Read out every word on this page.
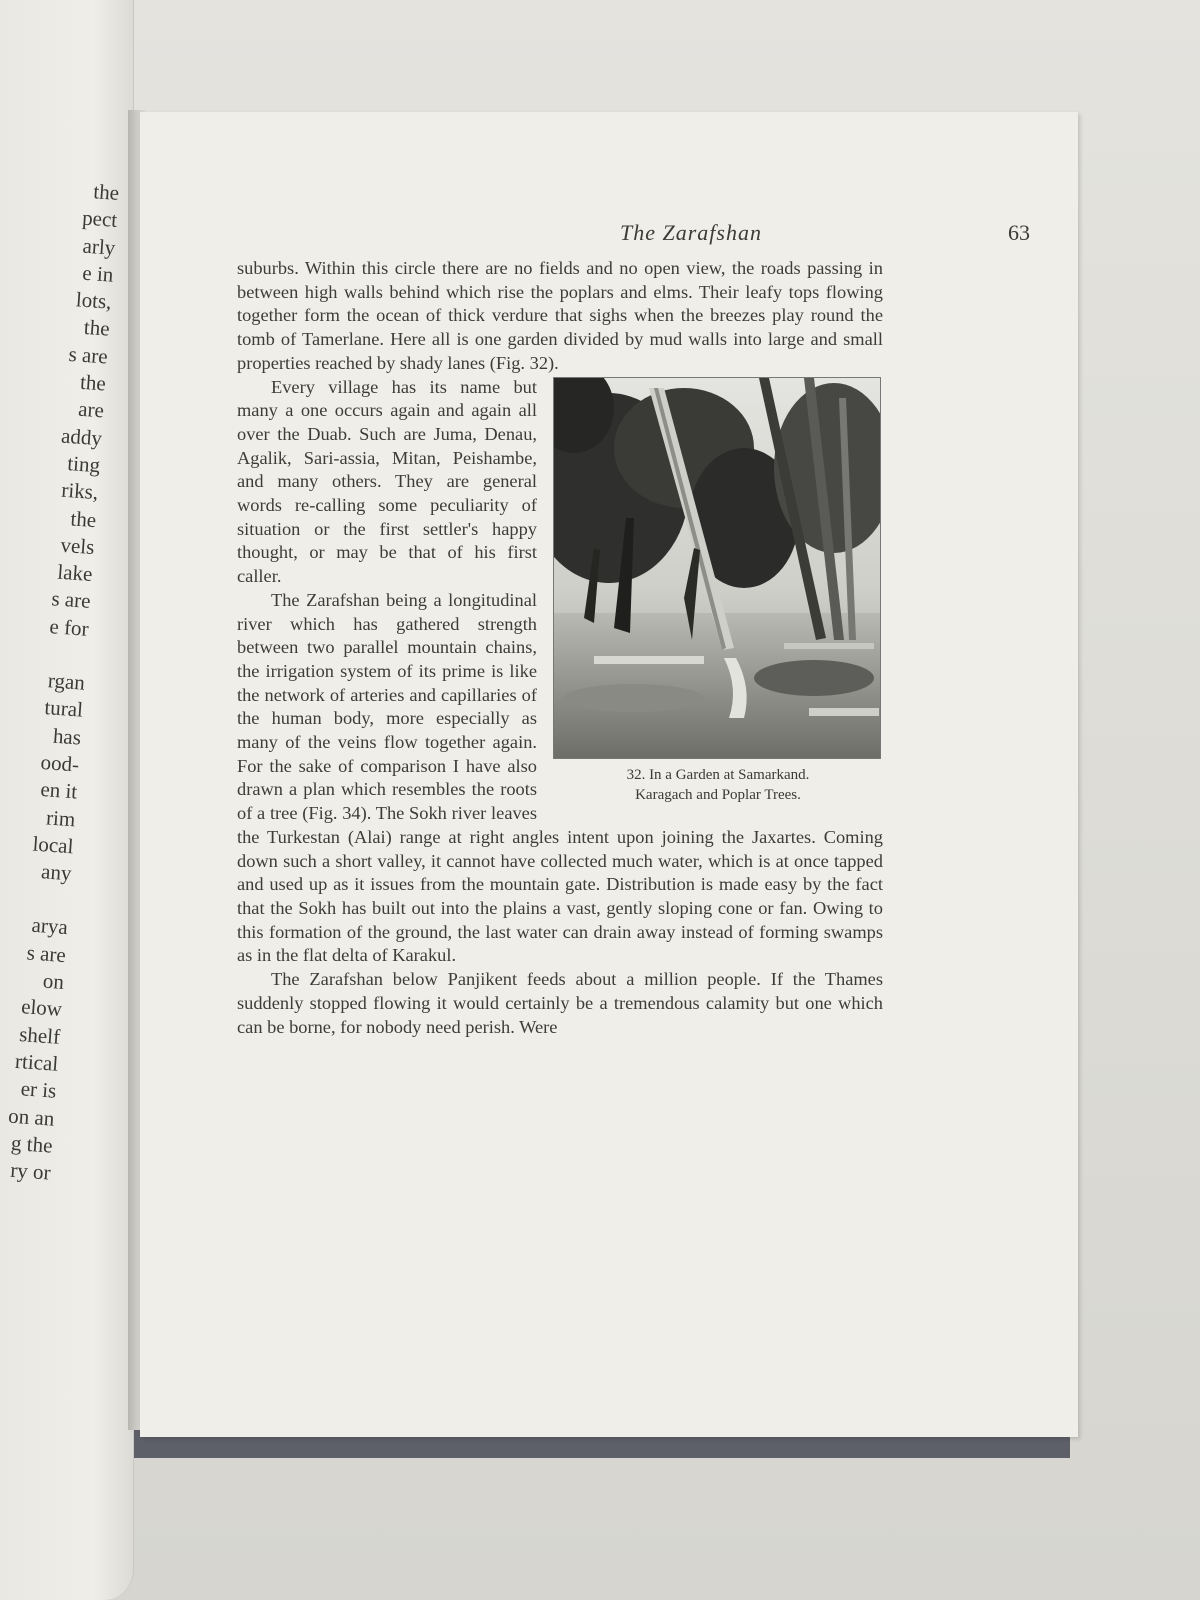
the
pect
arly
e in
lots,
the
s are
the
are
addy
ting
riks,
the
vels
lake
s are
e for
rgan
tural
has
ood-
en it
rim
local
any
arya
s are
on
elow
shelf
rtical
er is
on an
g the
ry or
The Zarafshan	63

suburbs. Within this circle there are no fields and no open view, the roads passing in between high walls behind which rise the poplars and elms. Their leafy tops flowing together form the ocean of thick verdure that sighs when the breezes play round the tomb of Tamerlane. Here all is one garden divided by mud walls into large and small properties reached by shady lanes (Fig. 32).

32. In a Garden at Samarkand.
Karagach and Poplar Trees.

Every village has its name but many a one occurs again and again all over the Duab. Such are Juma, Denau, Agalik, Sari-assia, Mitan, Peishambe, and many others. They are general words re-calling some peculiarity of situation or the first settler's happy thought, or may be that of his first caller.

The Zarafshan being a longitudinal river which has gathered strength between two parallel mountain chains, the irrigation system of its prime is like the network of arteries and capillaries of the human body, more especially as many of the veins flow together again. For the sake of comparison I have also drawn a plan which resembles the roots of a tree (Fig. 34). The Sokh river leaves the Turkestan (Alai) range at right angles intent upon joining the Jaxartes. Coming down such a short valley, it cannot have collected much water, which is at once tapped and used up as it issues from the mountain gate. Distribution is made easy by the fact that the Sokh has built out into the plains a vast, gently sloping cone or fan. Owing to this formation of the ground, the last water can drain away instead of forming swamps as in the flat delta of Karakul.

The Zarafshan below Panjikent feeds about a million people. If the Thames suddenly stopped flowing it would certainly be a tremendous calamity but one which can be borne, for nobody need perish. Were
